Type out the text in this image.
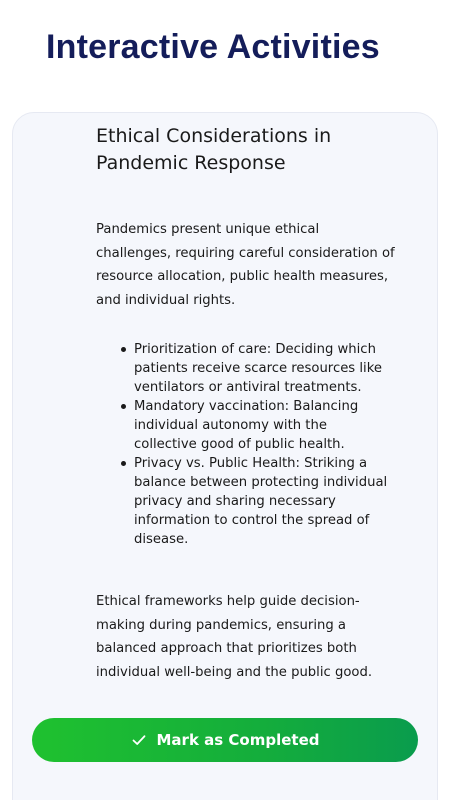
Interactive Activities
Ethical Considerations in Pandemic Response

Pandemics present unique ethical challenges, requiring careful consideration of resource allocation, public health measures, and individual rights.

Prioritization of care: Deciding which patients receive scarce resources like ventilators or antiviral treatments.
Mandatory vaccination: Balancing individual autonomy with the collective good of public health.
Privacy vs. Public Health: Striking a balance between protecting individual privacy and sharing necessary information to control the spread of disease.

Ethical frameworks help guide decision-making during pandemics, ensuring a balanced approach that prioritizes both individual well-being and the public good.

Mark as Completed
